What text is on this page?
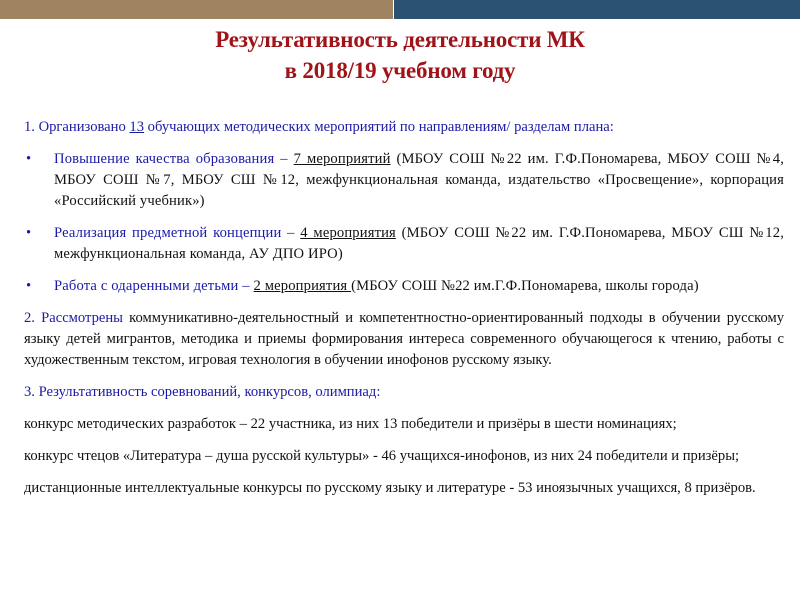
Результативность деятельности МК
в 2018/19 учебном году

1. Организовано 13 обучающих методических мероприятий по направлениям/ разделам плана:

• Повышение качества образования – 7 мероприятий (МБОУ СОШ №22 им. Г.Ф.Пономарева, МБОУ СОШ №4, МБОУ СОШ №7, МБОУ СШ №12, межфункциональная команда, издательство «Просвещение», корпорация «Российский учебник»)
• Реализация предметной концепции – 4 мероприятия (МБОУ СОШ №22 им. Г.Ф.Пономарева, МБОУ СШ №12, межфункциональная команда, АУ ДПО ИРО)
• Работа с одаренными детьми – 2 мероприятия (МБОУ СОШ №22 им.Г.Ф.Пономарева, школы города)

2. Рассмотрены коммуникативно-деятельностный и компетентностно-ориентированный подходы в обучении русскому языку детей мигрантов, методика и приемы формирования интереса современного обучающегося к чтению, работы с художественным текстом, игровая технология в обучении инофонов русскому языку.

3. Результативность соревнований, конкурсов, олимпиад:

конкурс методических разработок – 22 участника, из них 13 победители и призёры в шести номинациях;

конкурс чтецов «Литература – душа русской культуры» - 46 учащихся-инофонов, из них 24 победители и призёры;

дистанционные интеллектуальные конкурсы по русскому языку и литературе - 53 иноязычных учащихся, 8 призёров.
